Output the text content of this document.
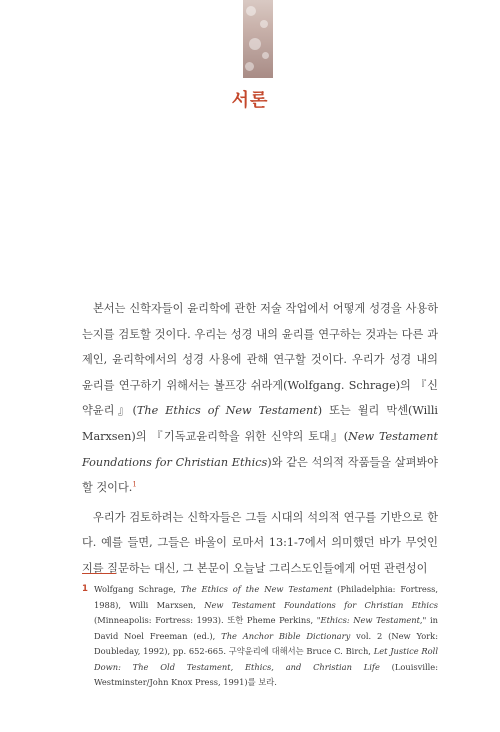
서론

본서는 신학자들이 윤리학에 관한 저술 작업에서 어떻게 성경을 사용하는지를 검토할 것이다. 우리는 성경 내의 윤리를 연구하는 것과는 다른 과제인, 윤리학에서의 성경 사용에 관해 연구할 것이다. 우리가 성경 내의 윤리를 연구하기 위해서는 볼프강 쉬라게(Wolfgang. Schrage)의 『신약윤리』(The Ethics of New Testament) 또는 윌리 막센(Willi Marxsen)의 『기독교윤리학을 위한 신약의 토대』(New Testament Foundations for Christian Ethics)와 같은 석의적 작품들을 살펴봐야 할 것이다.$^1$

우리가 검토하려는 신학자들은 그들 시대의 석의적 연구를 기반으로 한다. 예를 들면, 그들은 바울이 로마서 13:1-7에서 의미했던 바가 무엇인지를 질문하는 대신, 그 본문이 오늘날 그리스도인들에게 어떤 관련성이

1 Wolfgang Schrage, The Ethics of the New Testament (Philadelphia: Fortress, 1988), Willi Marxsen, New Testament Foundations for Christian Ethics (Minneapolis: Fortress: 1993). 또한 Pheme Perkins, "Ethics: New Testament," in David Noel Freeman (ed.), The Anchor Bible Dictionary vol. 2 (New York: Doubleday, 1992), pp. 652-665. 구약윤리에 대해서는 Bruce C. Birch, Let Justice Roll Down: The Old Testament, Ethics, and Christian Life (Louisville: Westminster/John Knox Press, 1991)를 보라.
